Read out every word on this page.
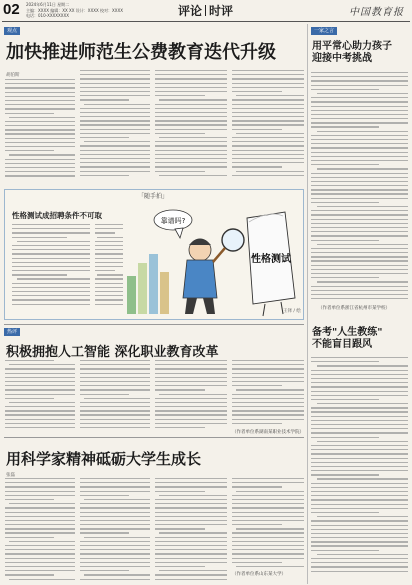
02 2024年6月11日 星期二
主编：XXXX 编辑：XX XX 设计：XXXX 校对：XXXX
电话：010-XXXXXXXX	评论 时评	中国教育报
观点
加快推进师范生公费教育迭代升级
胡伯斯
一家之言
用平常心助力孩子
迎接中考挑战
（作者单位系浙江省杭州市某学校）
「随手拍」
性格测试成招聘条件不可取
靠谱吗?
性格测试
王铎 / 绘
备考"人生教练"
不能盲目跟风
热评
积极拥抱人工智能 深化职业教育改革
（作者单位系湖南某职业技术学院）
用科学家精神砥砺大学生成长
张磊
（作者单位系山东某大学）
